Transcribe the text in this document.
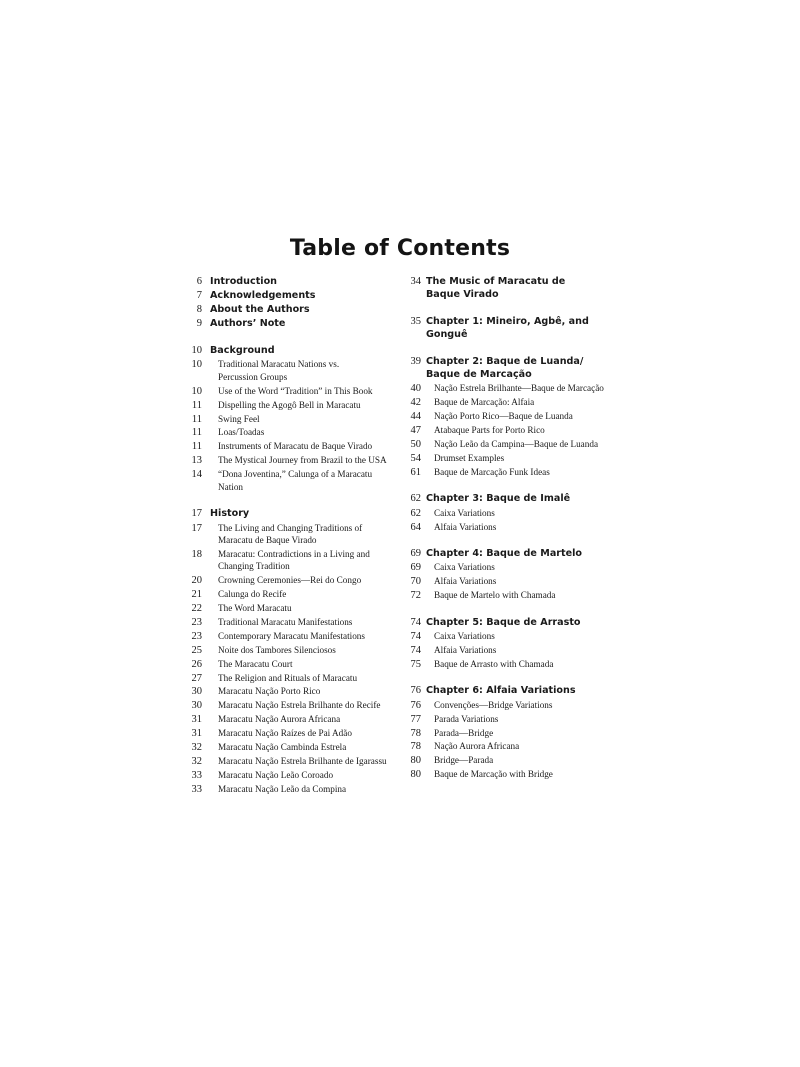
Table of Contents
6 Introduction
7 Acknowledgements
8 About the Authors
9 Authors’ Note
10 Background
10 Traditional Maracatu Nations vs.
Percussion Groups
10	Use of the Word “Tradition” in This Book
11	Dispelling the Agogô Bell in Maracatu
11	Swing Feel
11	Loas/Toadas
11	Instruments of Maracatu de Baque Virado
13	The Mystical Journey from Brazil to the USA
14 “Dona Joventina,” Calunga of a Maracatu
Nation
17 History
17 The Living and Changing Traditions of
Maracatu de Baque Virado
18 Maracatu: Contradictions in a Living and
Changing Tradition
20	Crowning Ceremonies—Rei do Congo
21	Calunga do Recife
22	The Word Maracatu
23	Traditional Maracatu Manifestations
23	Contemporary Maracatu Manifestations
25	Noite dos Tambores Silenciosos
26	The Maracatu Court
27	The Religion and Rituals of Maracatu
30	Maracatu Nação Porto Rico
30	Maracatu Nação Estrela Brilhante do Recife
31	Maracatu Nação Aurora Africana
31	Maracatu Nação Raízes de Pai Adão
32	Maracatu Nação Cambinda Estrela
32	Maracatu Nação Estrela Brilhante de Igarassu
33	Maracatu Nação Leão Coroado
33	Maracatu Nação Leão da Compina
34 The Music of Maracatu de
Baque Virado
35 Chapter 1: Mineiro, Agbê, and Gonguê
39 Chapter 2: Baque de Luanda/
Baque de Marcação
40	Nação Estrela Brilhante—Baque de Marcação
42	Baque de Marcação: Alfaia
44	Nação Porto Rico—Baque de Luanda
47	Atabaque Parts for Porto Rico
50	Nação Leão da Campina—Baque de Luanda
54	Drumset Examples
61	Baque de Marcação Funk Ideas
62 Chapter 3: Baque de Imalê
62	Caixa Variations
64	Alfaia Variations
69 Chapter 4: Baque de Martelo
69	Caixa Variations
70	Alfaia Variations
72	Baque de Martelo with Chamada
74 Chapter 5: Baque de Arrasto
74	Caixa Variations
74	Alfaia Variations
75	Baque de Arrasto with Chamada
76 Chapter 6: Alfaia Variations
76	Convenções—Bridge Variations
77	Parada Variations
78	Parada—Bridge
78	Nação Aurora Africana
80	Bridge—Parada
80	Baque de Marcação with Bridge
